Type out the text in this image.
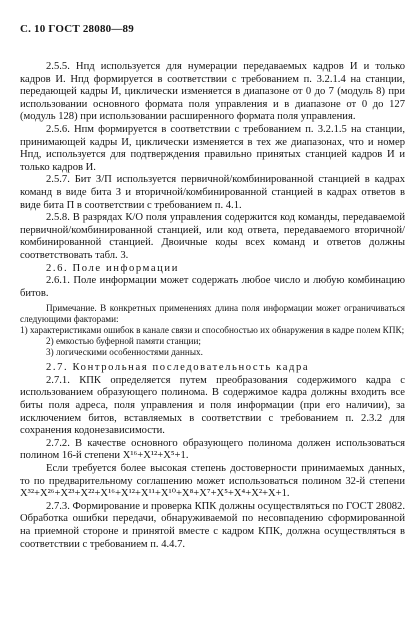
С. 10 ГОСТ 28080—89

2.5.5. Нпд используется для нумерации передаваемых кадров И и только кадров И. Нпд формируется в соответствии с требованием п. 3.2.1.4 на станции, передающей кадры И, циклически изменяется в диапазоне от 0 до 7 (модуль 8) при использовании основного формата поля управления и в диапазоне от 0 до 127 (модуль 128) при использовании расширенного формата поля управления.

2.5.6. Нпм формируется в соответствии с требованием п. 3.2.1.5 на станции, принимающей кадры И, циклически изменяется в тех же диапазонах, что и номер Нпд, используется для подтверждения правильно принятых станцией кадров И и только кадров И.

2.5.7. Бит З/П используется первичной/комбинированной станцией в кадрах команд в виде бита З и вторичной/комбинированной станцией в кадрах ответов в виде бита П в соответствии с требованием п. 4.1.

2.5.8. В разрядах К/О поля управления содержится код команды, передаваемой первичной/комбинированной станцией, или код ответа, передаваемого вторичной/комбинированной станцией. Двоичные коды всех команд и ответов должны соответствовать табл. 3.

2.6. Поле информации

2.6.1. Поле информации может содержать любое число и любую комбинацию битов.

Примечание. В конкретных применениях длина поля информации может ограничиваться следующими факторами:

1) характеристиками ошибок в канале связи и способностью их обнаружения в кадре полем КПК;

2) емкостью буферной памяти станции;

3) логическими особенностями данных.

2.7. Контрольная последовательность кадра

2.7.1. КПК определяется путем преобразования содержимого кадра с использованием образующего полинома. В содержимое кадра должны входить все биты поля адреса, поля управления и поля информации (при его наличии), за исключением битов, вставляемых в соответствии с требованием п. 2.3.2 для сохранения кодонезависимости.

2.7.2. В качестве основного образующего полинома должен использоваться полином 16-й степени X¹⁶+X¹²+X⁵+1.

Если требуется более высокая степень достоверности принимаемых данных, то по предварительному соглашению может использоваться полином 32-й степени X³²+X²⁶+X²³+X²²+X¹⁶+X¹²+X¹¹+X¹⁰+X⁸+X⁷+X⁵+X⁴+X²+X+1.

2.7.3. Формирование и проверка КПК должны осуществляться по ГОСТ 28082. Обработка ошибки передачи, обнаруживаемой по несовпадению сформированной на приемной стороне и принятой вместе с кадром КПК, должна осуществляться в соответствии с требованием п. 4.4.7.
